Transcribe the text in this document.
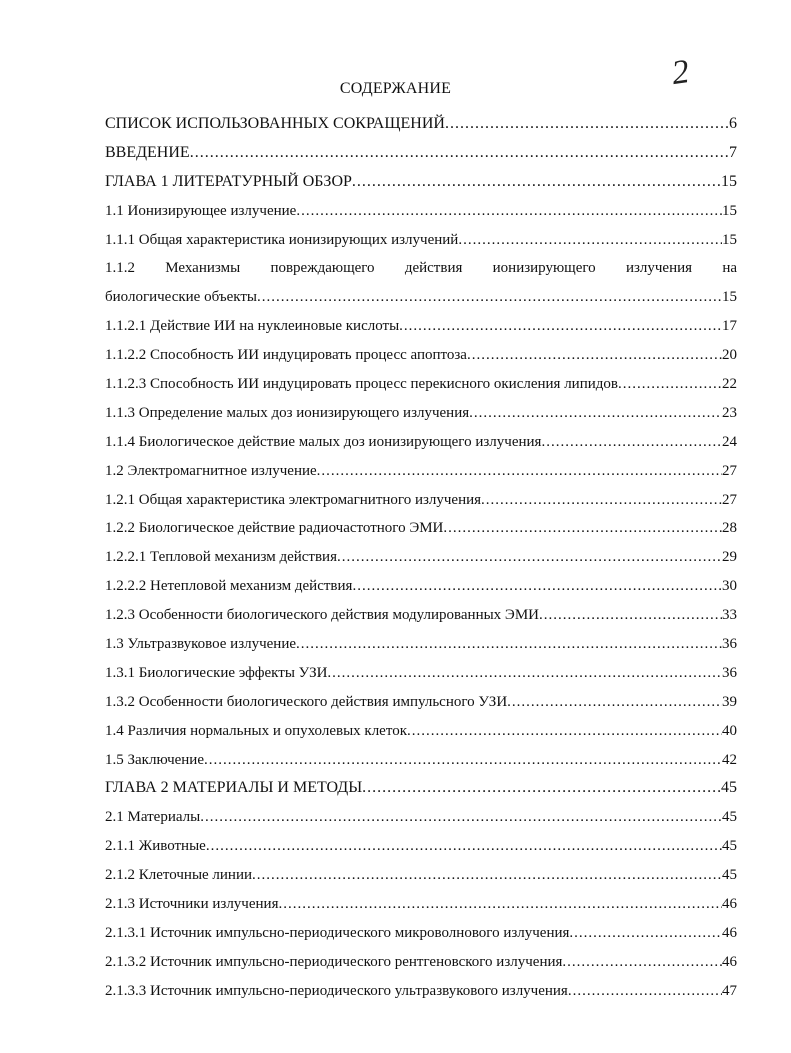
2
СОДЕРЖАНИЕ
СПИСОК ИСПОЛЬЗОВАННЫХ СОКРАЩЕНИЙ .....	6
ВВЕДЕНИЕ .....	7
ГЛАВА 1 ЛИТЕРАТУРНЫЙ ОБЗОР .....	15
1.1 Ионизирующее излучение .....	15
1.1.1 Общая характеристика ионизирующих излучений .....	15
1.1.2 Механизмы повреждающего действия ионизирующего излучения на
биологические объекты .....	15
1.1.2.1 Действие ИИ на нуклеиновые кислоты .....	17
1.1.2.2 Способность ИИ индуцировать процесс апоптоза .....	20
1.1.2.3 Способность ИИ индуцировать процесс перекисного окисления липидов .....	22
1.1.3 Определение малых доз ионизирующего излучения .....	23
1.1.4 Биологическое действие малых доз ионизирующего излучения .....	24
1.2 Электромагнитное излучение .....	27
1.2.1 Общая характеристика электромагнитного излучения .....	27
1.2.2 Биологическое действие радиочастотного ЭМИ .....	28
1.2.2.1 Тепловой механизм действия .....	29
1.2.2.2 Нетепловой механизм действия .....	30
1.2.3 Особенности биологического действия модулированных ЭМИ .....	33
1.3 Ультразвуковое излучение .....	36
1.3.1 Биологические эффекты УЗИ .....	36
1.3.2 Особенности биологического действия импульсного УЗИ .....	39
1.4 Различия нормальных и опухолевых клеток .....	40
1.5 Заключение .....	42
ГЛАВА 2 МАТЕРИАЛЫ И МЕТОДЫ .....	45
2.1 Материалы .....	45
2.1.1 Животные .....	45
2.1.2 Клеточные линии .....	45
2.1.3 Источники излучения .....	46
2.1.3.1 Источник импульсно-периодического микроволнового излучения .....	46
2.1.3.2 Источник импульсно-периодического рентгеновского излучения .....	46
2.1.3.3 Источник импульсно-периодического ультразвукового излучения .....	47
